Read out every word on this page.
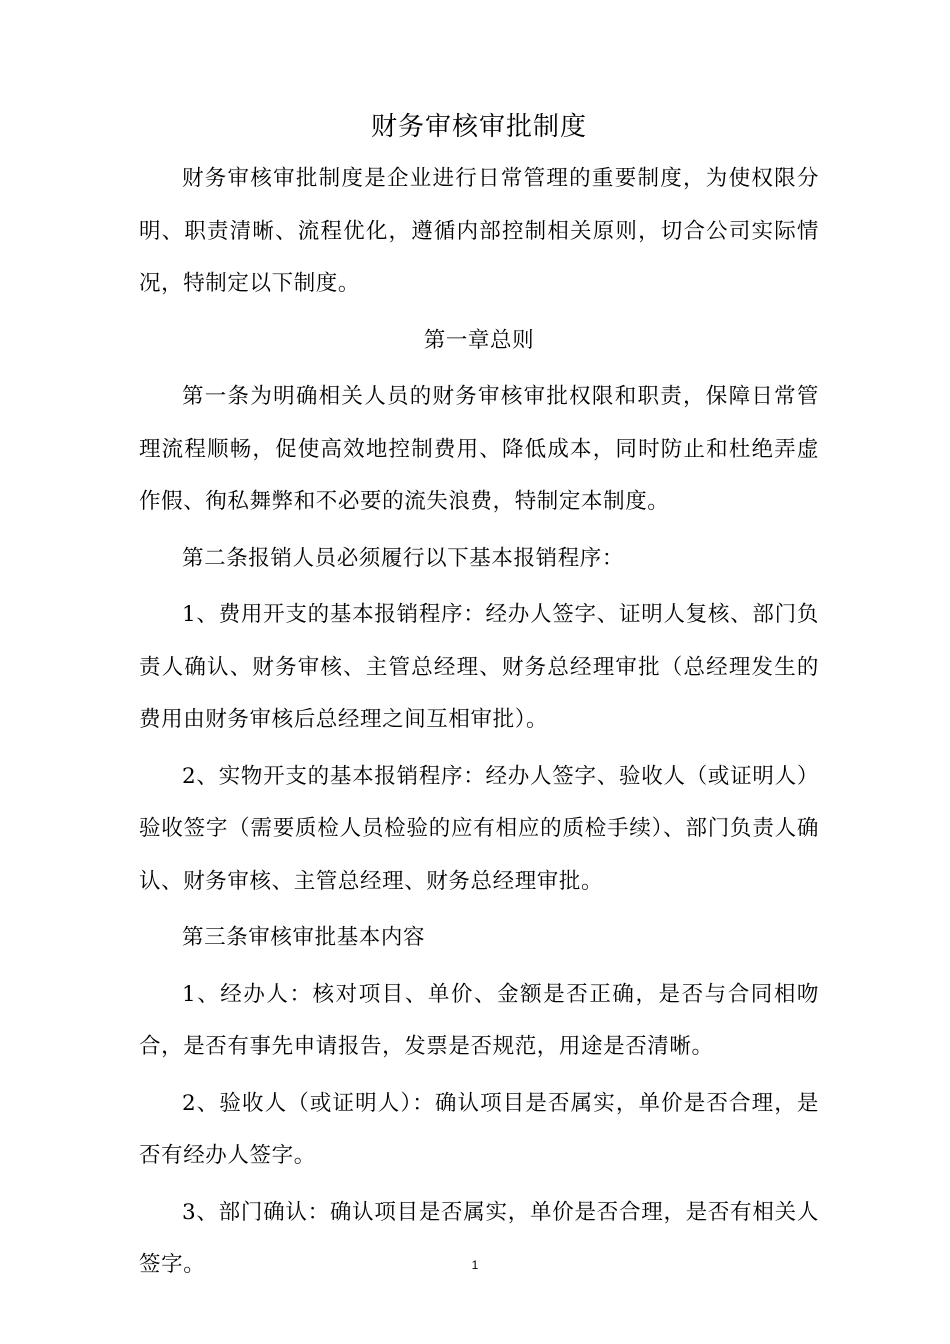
财务审核审批制度

财务审核审批制度是企业进行日常管理的重要制度，为使权限分明、职责清晰、流程优化，遵循内部控制相关原则，切合公司实际情况，特制定以下制度。

第一章总则

第一条为明确相关人员的财务审核审批权限和职责，保障日常管理流程顺畅，促使高效地控制费用、降低成本，同时防止和杜绝弄虚作假、徇私舞弊和不必要的流失浪费，特制定本制度。

第二条报销人员必须履行以下基本报销程序：

1、费用开支的基本报销程序：经办人签字、证明人复核、部门负责人确认、财务审核、主管总经理、财务总经理审批（总经理发生的费用由财务审核后总经理之间互相审批）。

2、实物开支的基本报销程序：经办人签字、验收人（或证明人）验收签字（需要质检人员检验的应有相应的质检手续）、部门负责人确认、财务审核、主管总经理、财务总经理审批。

第三条审核审批基本内容

1、经办人：核对项目、单价、金额是否正确，是否与合同相吻合，是否有事先申请报告，发票是否规范，用途是否清晰。

2、验收人（或证明人）：确认项目是否属实，单价是否合理，是否有经办人签字。

3、部门确认：确认项目是否属实，单价是否合理，是否有相关人签字。	1
